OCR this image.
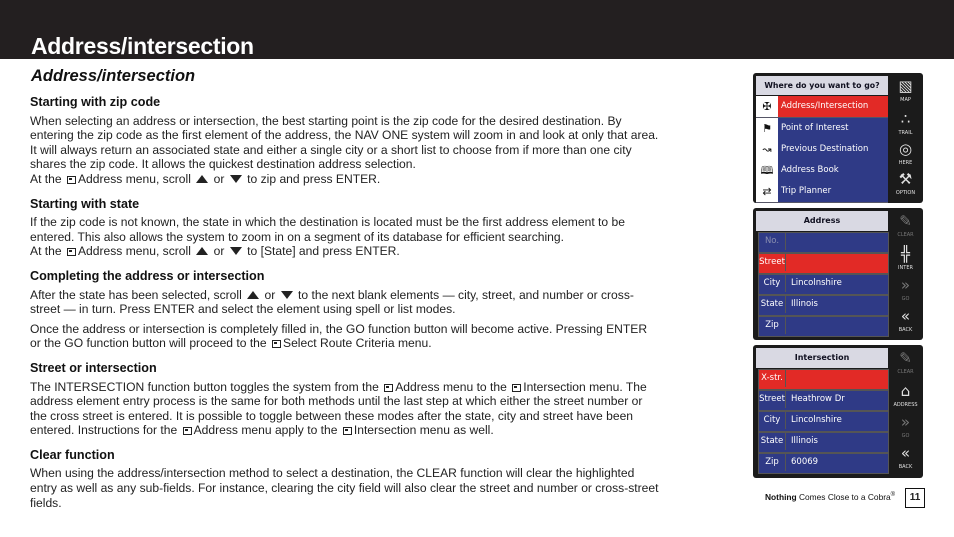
Address/intersection
Address/intersection
Starting with zip code

When selecting an address or intersection, the best starting point is the zip code for the desired destination. By entering the zip code as the first element of the address, the NAV ONE system will zoom in and look at only that area. It will always return an associated state and either a single city or a short list to choose from if more than one city shares the zip code. It allows the quickest destination address selection.
At the Address menu, scroll or to zip and press ENTER.

Starting with state

If the zip code is not known, the state in which the destination is located must be the first address element to be entered. This also allows the system to zoom in on a segment of its database for efficient searching.
At the Address menu, scroll or to [State] and press ENTER.

Completing the address or intersection

After the state has been selected, scroll or to the next blank elements — city, street, and number or cross-street — in turn. Press ENTER and select the element using spell or list modes.

Once the address or intersection is completely filled in, the GO function button will become active. Pressing ENTER or the GO function button will proceed to the Select Route Criteria menu.

Street or intersection

The INTERSECTION function button toggles the system from the Address menu to the Intersection menu. The address element entry process is the same for both methods until the last step at which either the street number or the cross street is entered. It is possible to toggle between these modes after the state, city and street have been entered. Instructions for the Address menu apply to the Intersection menu as well.

Clear function

When using the address/intersection method to select a destination, the CLEAR function will clear the highlighted entry as well as any sub-fields. For instance, clearing the city field will also clear the street and number or cross-street fields.

Where do you want to go?
✠	Address/Intersection
⚑	Point of Interest
↝	Previous Destination
🕮 Address Book
⇄	Trip Planner
▧
MAP
∴
TRAIL
◎
HERE
⚒
OPTION
Address
No.
Street
City	Lincolnshire
State Illinois
Zip
✎
CLEAR
╬
INTER
»
GO
«
BACK
Intersection
X-str.
Street Heathrow Dr
City	Lincolnshire
State Illinois
Zip	60069
✎
CLEAR
⌂
ADDRESS
»
GO
«
BACK
Nothing Comes Close to a Cobra®	11
